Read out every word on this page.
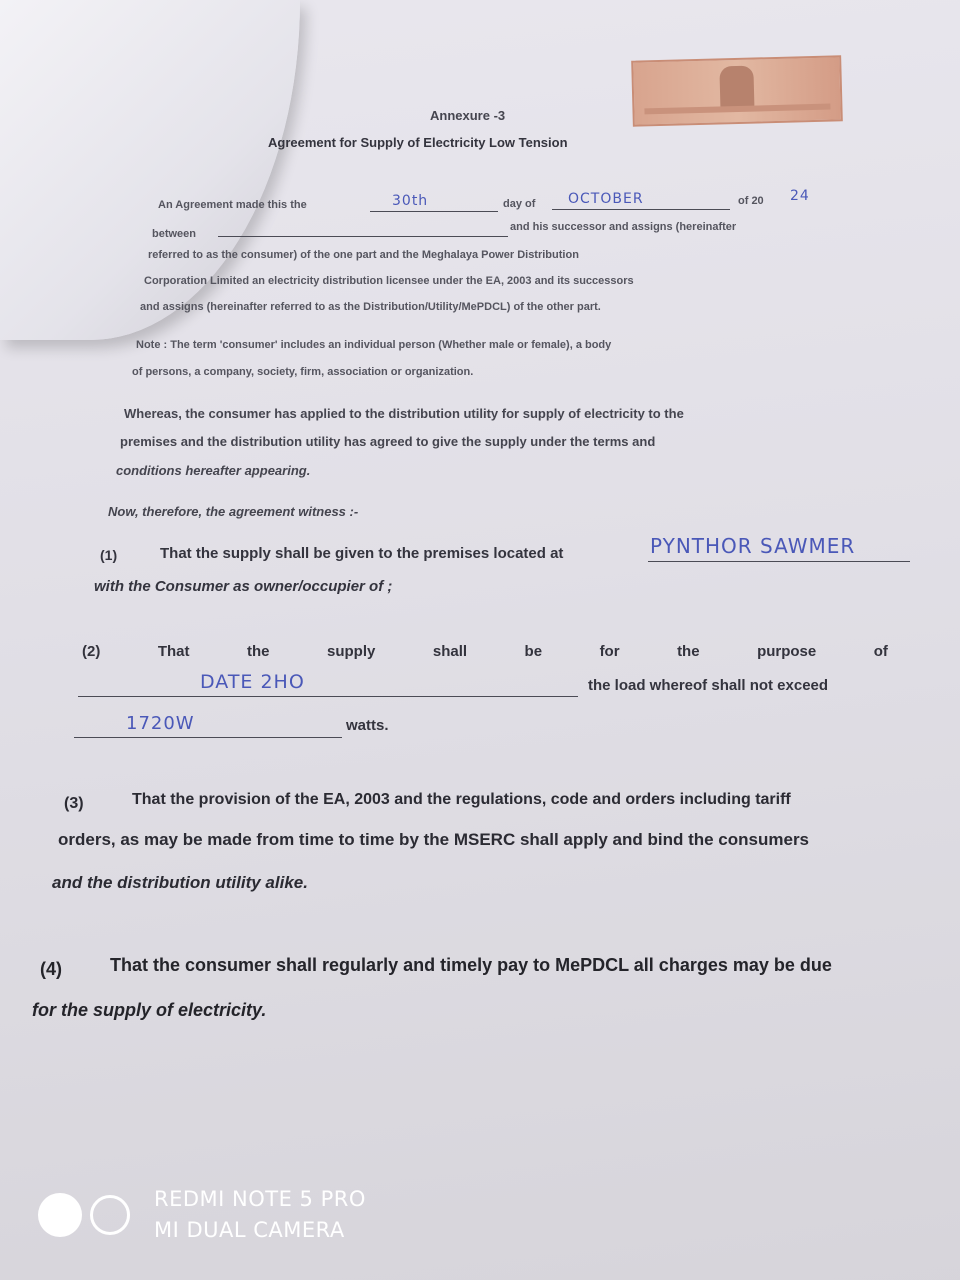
Annexure -3
Agreement for Supply of Electricity Low Tension
An Agreement made this the	30th	day of OCTOBER	of 20 24
between
and his successor and assigns (hereinafter
referred to as the consumer) of the one part and the Meghalaya Power Distribution
Corporation Limited an electricity distribution licensee under the EA, 2003 and its successors
and assigns (hereinafter referred to as the Distribution/Utility/MePDCL) of the other part.
Note : The term 'consumer' includes an individual person (Whether male or female), a body
of persons, a company, society, firm, association or organization.
Whereas, the consumer has applied to the distribution utility for supply of electricity to the
premises and the distribution utility has agreed to give the supply under the terms and
conditions hereafter appearing.
Now, therefore, the agreement witness :-
(1)	That the supply shall be given to the premises located at	PYNTHOR SAWMER
with the Consumer as owner/occupier of ;
(2)	That	the	supply	shall	be	for	the	purpose	of
DATE 2HO	the load whereof shall not exceed
1720W	watts.
(3)	That the provision of the EA, 2003 and the regulations, code and orders including tariff
orders, as may be made from time to time by the MSERC shall apply and bind the consumers
and the distribution utility alike.
(4)	That the consumer shall regularly and timely pay to MePDCL all charges may be due
for the supply of electricity.
REDMI NOTE 5 PRO
MI DUAL CAMERA
